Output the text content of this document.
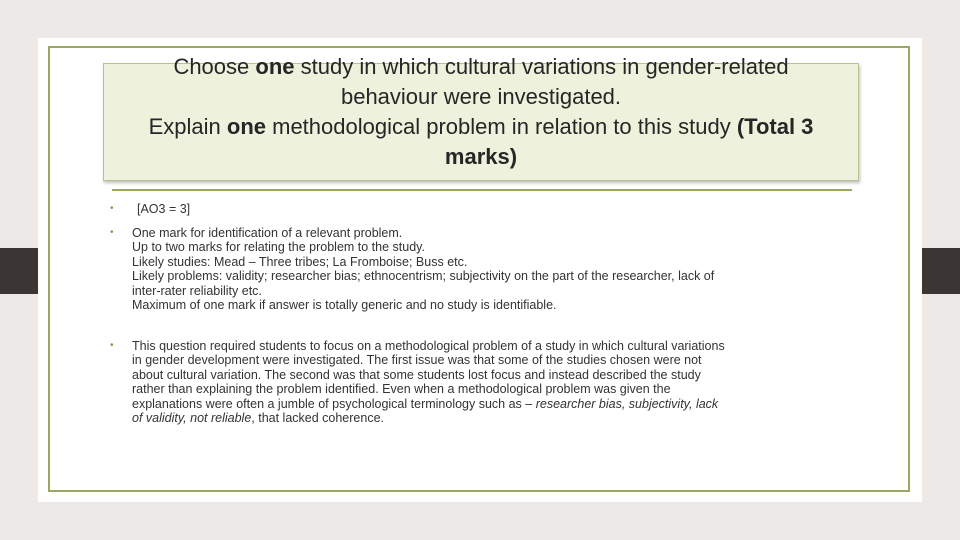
Choose one study in which cultural variations in gender-related
behaviour were investigated.
Explain one methodological problem in relation to this study (Total 3
marks)
• [AO3 = 3]
• One mark for identification of a relevant problem.
Up to two marks for relating the problem to the study.
Likely studies: Mead – Three tribes; La Fromboise; Buss etc.
Likely problems: validity; researcher bias; ethnocentrism; subjectivity on the part of the researcher, lack of
inter-rater reliability etc.
Maximum of one mark if answer is totally generic and no study is identifiable.
• This question required students to focus on a methodological problem of a study in which cultural variations
in gender development were investigated. The first issue was that some of the studies chosen were not
about cultural variation. The second was that some students lost focus and instead described the study
rather than explaining the problem identified. Even when a methodological problem was given the
explanations were often a jumble of psychological terminology such as – researcher bias, subjectivity, lack
of validity, not reliable, that lacked coherence.
